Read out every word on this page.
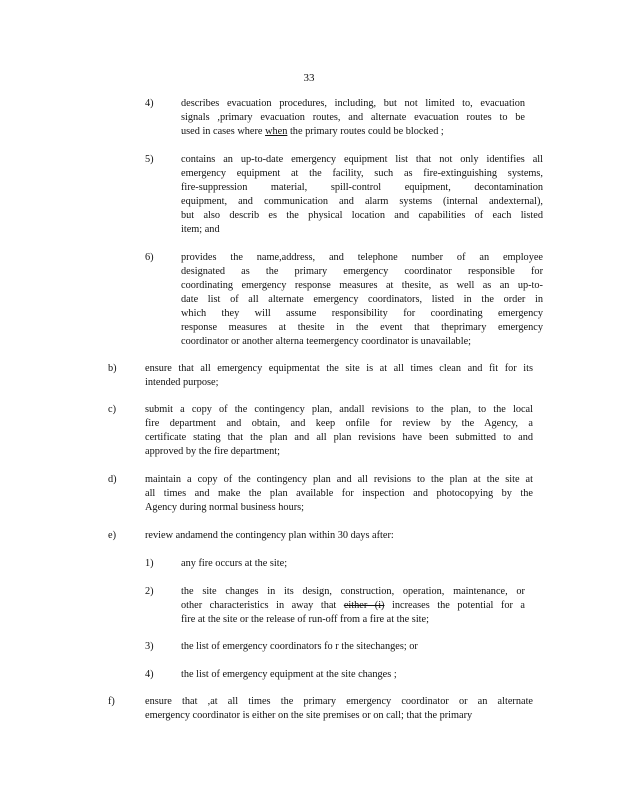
33
4)	describes evacuation procedures, including, but not limited to, evacuation
signals ,primary evacuation routes, and alternate evacuation routes to be
used in cases where when the primary routes could be blocked ;
5)	contains an up-to-date emergency equipment list that not only identifies all
emergency equipment at the facility, such as fire-extinguishing systems,
fire-suppression material, spill-control equipment, decontamination
equipment, and communication and alarm systems (internal andexternal),
but also describ es the physical location and capabilities of each listed
item; and
6)	provides the name,address, and telephone number of an employee
designated as the primary emergency coordinator responsible for
coordinating emergency response measures at thesite, as well as an up-to-
date list of all alternate emergency coordinators, listed in the order in
which they will assume responsibility for coordinating emergency
response measures at thesite in the event that theprimary emergency
coordinator or another alterna teemergency coordinator is unavailable;
b)	ensure that all emergency equipmentat the site is at all times clean and fit for its
intended purpose;
c)	submit a copy of the contingency plan, andall revisions to the plan, to the local
fire department and obtain, and keep onfile for review by the Agency, a
certificate stating that the plan and all plan revisions have been submitted to and
approved by the fire department;
d)	maintain a copy of the contingency plan and all revisions to the plan at the site at
all times and make the plan available for inspection and photocopying by the
Agency during normal business hours;
e)	review andamend the contingency plan within 30 days after:
1)	any fire occurs at the site;
2)	the site changes in its design, construction, operation, maintenance, or
other characteristics in away that either (i) increases the potential for a
fire at the site or the release of run-off from a fire at the site;
3)	the list of emergency coordinators fo r the sitechanges; or
4)	the list of emergency equipment at the site changes ;
f)	ensure that ,at all times the primary emergency coordinator or an alternate
emergency coordinator is either on the site premises or on call; that the primary
